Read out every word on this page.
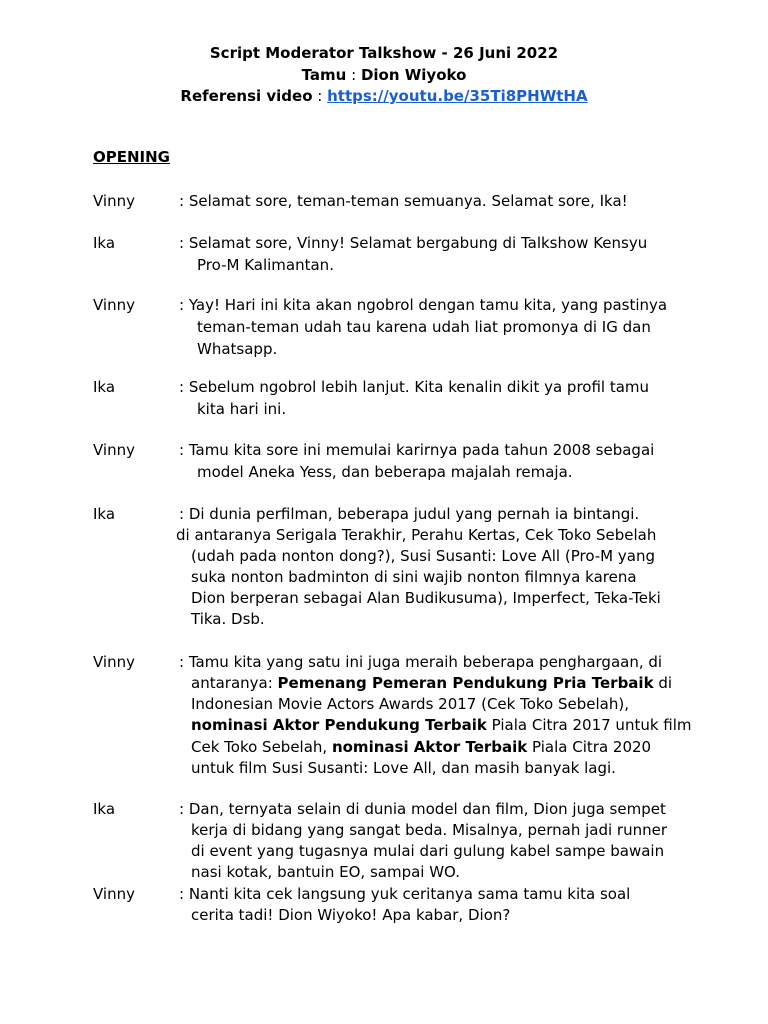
Script Moderator Talkshow - 26 Juni 2022
Tamu : Dion Wiyoko
Referensi video : https://youtu.be/35Ti8PHWtHA
OPENING
Vinny	: Selamat sore, teman-teman semuanya. Selamat sore, Ika!
Ika	: Selamat sore, Vinny! Selamat bergabung di Talkshow Kensyu
Pro-M Kalimantan.
Vinny	: Yay! Hari ini kita akan ngobrol dengan tamu kita, yang pastinya
teman-teman udah tau karena udah liat promonya di IG dan
Whatsapp.
Ika	: Sebelum ngobrol lebih lanjut. Kita kenalin dikit ya profil tamu
kita hari ini.
Vinny	: Tamu kita sore ini memulai karirnya pada tahun 2008 sebagai
model Aneka Yess, dan beberapa majalah remaja.
Ika	: Di dunia perfilman, beberapa judul yang pernah ia bintangi.
di antaranya Serigala Terakhir, Perahu Kertas, Cek Toko Sebelah
(udah pada nonton dong?), Susi Susanti: Love All (Pro-M yang
suka nonton badminton di sini wajib nonton filmnya karena
Dion berperan sebagai Alan Budikusuma), Imperfect, Teka-Teki
Tika. Dsb.
Vinny	: Tamu kita yang satu ini juga meraih beberapa penghargaan, di
antaranya: Pemenang Pemeran Pendukung Pria Terbaik di
Indonesian Movie Actors Awards 2017 (Cek Toko Sebelah),
nominasi Aktor Pendukung Terbaik Piala Citra 2017 untuk film
Cek Toko Sebelah, nominasi Aktor Terbaik Piala Citra 2020
untuk film Susi Susanti: Love All, dan masih banyak lagi.
Ika	: Dan, ternyata selain di dunia model dan film, Dion juga sempet
kerja di bidang yang sangat beda. Misalnya, pernah jadi runner
di event yang tugasnya mulai dari gulung kabel sampe bawain
nasi kotak, bantuin EO, sampai WO.
Vinny	: Nanti kita cek langsung yuk ceritanya sama tamu kita soal
cerita tadi! Dion Wiyoko! Apa kabar, Dion?
